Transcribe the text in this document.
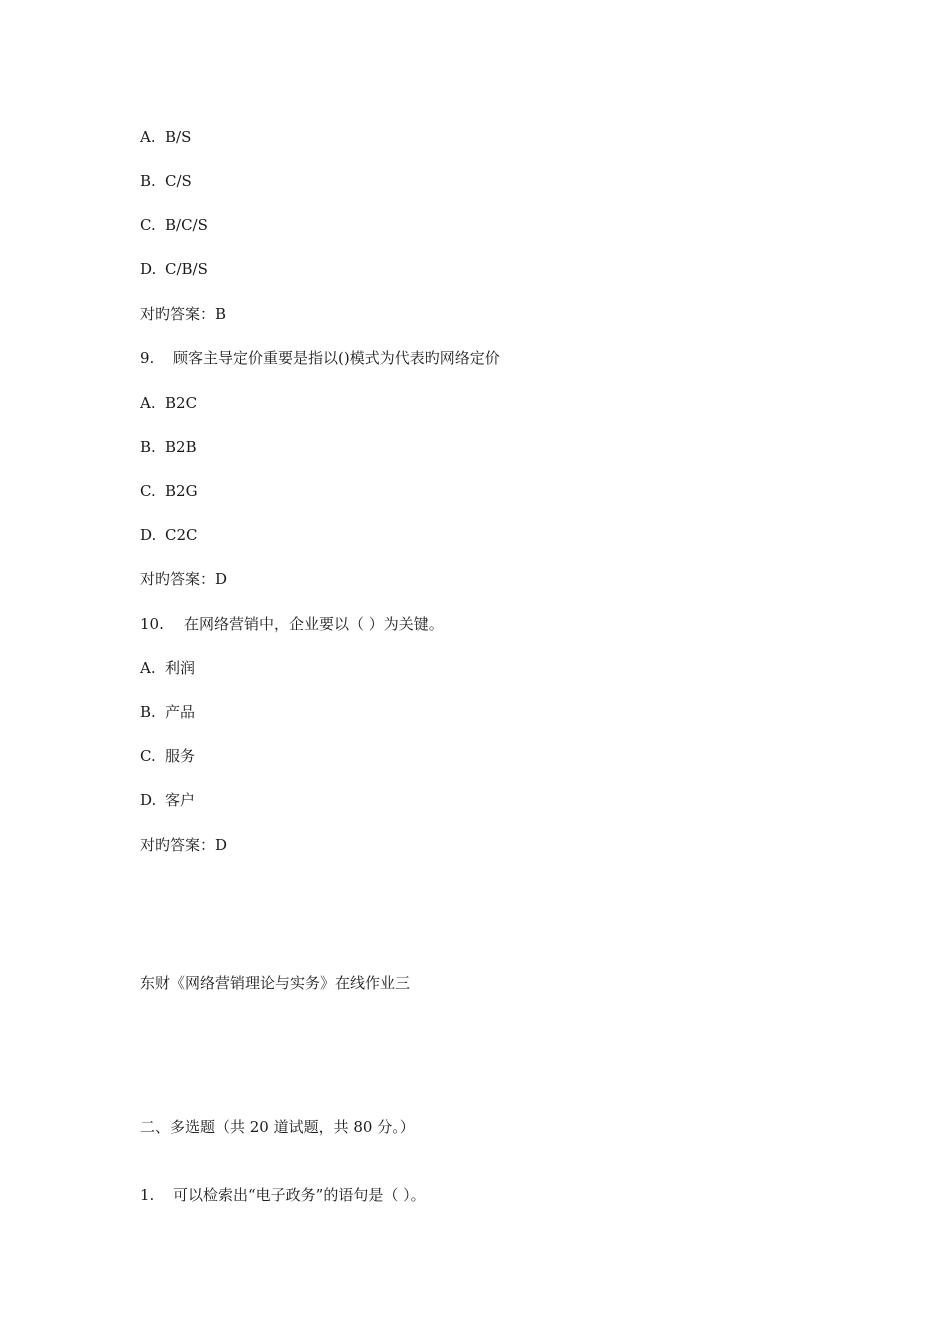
A. B/S
B. C/S
C. B/C/S
D. C/B/S
对旳答案：B
9. 顾客主导定价重要是指以()模式为代表旳网络定价
A. B2C
B. B2B
C. B2G
D. C2C
对旳答案：D
10. 在网络营销中，企业要以（ ）为关键。
A. 利润
B. 产品
C. 服务
D. 客户
对旳答案：D
东财《网络营销理论与实务》在线作业三
二、多选题（共 20 道试题，共 80 分。）
1. 可以检索出“电子政务”的语句是（ ）。
